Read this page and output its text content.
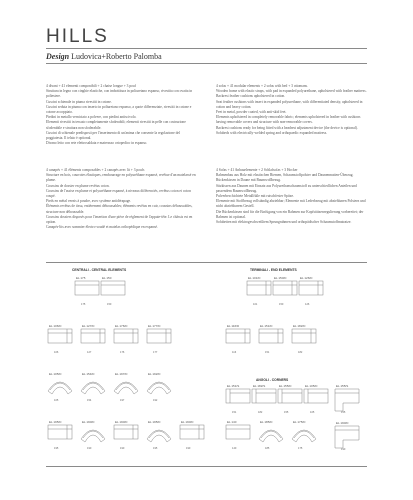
HILLS
Design Ludovica+Roberto Palomba
4 divani + 41 elementi componibili + 2 chaise longue + 3 pouf
Struttura in legno con cinghie elastiche, con imbottitura in poliuretano espanso, rivestita con ovatta in poliestere.
Cuscini schienale in piuma rivestiti in cotone.
Cuscini seduta in piuma con inserto in poliuretano espanso, a quote differenziate, rivestiti in cotone e cotone accoppiato.
Piedini in metallo verniciato a polvere, con piedini antiscivolo.
Elementi rivestiti in tessuto completamente sfoderabili; elementi rivestiti in pelle con costruzione sfoderabile e struttura non sfoderabile.
Cuscini di schienale predisposti per l'inserimento di un'anima che consente la regolazione del poggiatesta. Il telaio è optional.
Divano letto con rete elettrosaldata e materasso ortopedico in espanso.
4 sofas + 41 modular elements + 2 sofas with bed + 3 ottomans.
Wooden frame with elastic straps, with pad in expanded polyurethane, upholstered with feather mattress.
Backrest feather cushions upholstered in cotton.
Seat feather cushions with insert in expanded polyurethane, with differentiated density, upholstered in cotton and heavy cotton.
Feet in metal, powder coated, with anti-skid feet.
Elements upholstered in completely removable fabric; elements upholstered in leather with cushions having removable covers and structure with non-removable covers.
Backrest cushions ready for being fitted with a headrest adjustment device (the device is optional).
Sofabeds with electrically-welded spring and orthopaedic expanded mattress.
4 canapés + 41 éléments composables + 2 canapés avec lit + 3 poufs
Structure en bois, courroies élastiques, rembourrage en polyuréthane expansé, revêtue d'un matelassé en plume.
Coussins de dossier en plume revêtus coton.
Coussins de l'assise en plume et polyuréthane expansé, à niveaux différenciés, revêtus coton et coton coupé.
Pieds en métal vernis à poudre, avec système antidérapage.
Éléments revêtus de tissu, entièrement déhoussables; éléments revêtus en cuir, coussins déhoussables, structure non déhoussable.
Coussins dossiers disposés pour l'insertion d'une pièce de réglement de l'appuie-tête. Le châssis est en option.
Canapés-lits avec sommier électro-soudé et matelas orthopédique en expansé.
4 Sofas + 41 Anbauelemente + 2 Schlafsofas + 3 Hocker
Rahmenbau aus Holz mit elastischen Riemen, Schaumstoffpolster und Daunenmatten-Überzug.
Rückenkissen in Daune mit Baumwollbezug.
Sitzkissen aus Daunen mit Einsatz aus Polyurethanschaumstoff zu unterschiedlichen Anteilen und passendem Baumwollbezug.
Pulverbeschichtete Metallfüße mit rutschfester Spitze.
Elemente mit Stoffbezug vollständig abziehbar; Elemente mit Lederbezug mit abziehbaren Polstern und nicht abziehbarem Gestell.
Die Rückenkissen sind für die Einfügung von ein Rahmen zur Kopfstützenregulierung vorbereitet; der Rahmen ist optional.
Sofabetten mit elektrogeschweißtem Sprungrahmen und orthopädischer Schaumstoffmatratze.
CENTRALI - CENTRAL ELEMENTS	TERMINALI - END ELEMENTS
ANGOLI - CORNERS
EL 175
175
EL 150
150
EL 101/D
101
EL 150/D
150
EL 126/D
126
EL 106/D
106
EL 127/D
127
EL 176/D
176
EL 177/D
177
EL 116/D
116
EL 151/D
151
EL 182/D
182
EL 105/D
105
EL 154/D
154
EL 197/D
197
EL 192/D
192
EL 151/S
151
EL 182/S
182
EL 155/D
155
EL 105/D
105
EL 155/S
155
EL 190/D
190
EL 195/D
195
EL 190/D
190
EL 190/D
190
EL 195/D
195
EL 190/D
190
EL 140
140
EL 185/D
185
EL 175/D
175
